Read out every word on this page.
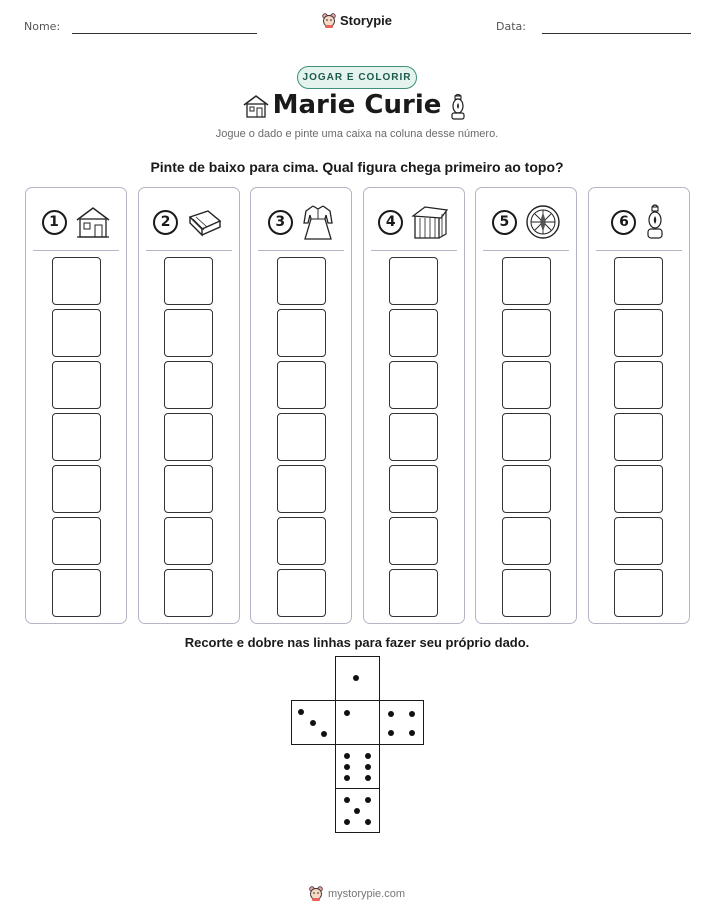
Nome:	Data:
Storypie
JOGAR E COLORIR
Marie Curie
Jogue o dado e pinte uma caixa na coluna desse número.
Pinte de baixo para cima. Qual figura chega primeiro ao topo?
1	2	3	4	5	6
Recorte e dobre nas linhas para fazer seu próprio dado.
mystorypie.com
